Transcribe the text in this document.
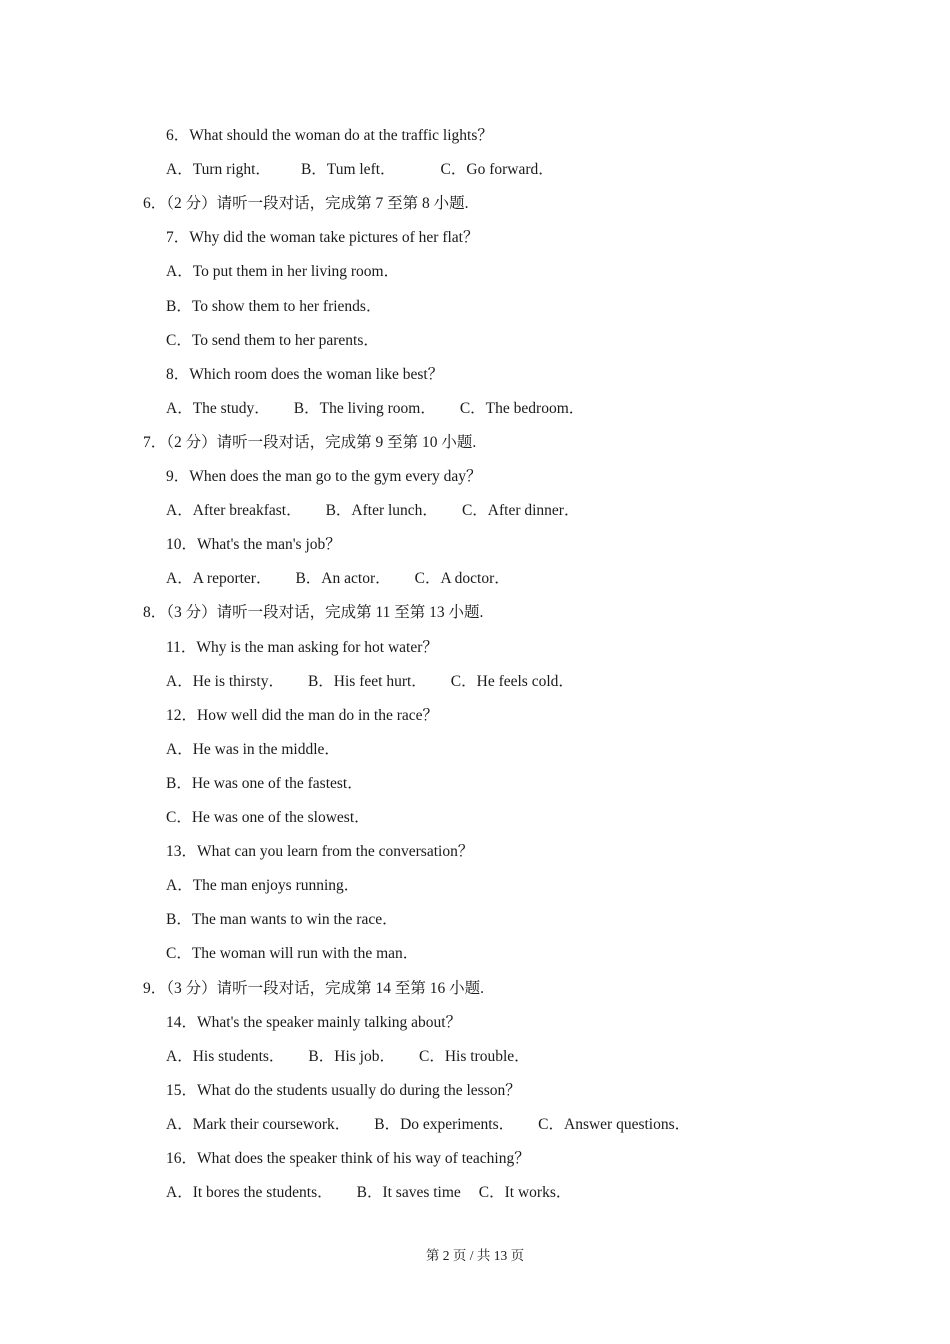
6．What should the woman do at the traffic lights？
A．Turn right． B．Tum left．	C．Go forward．
6．（2 分）请听一段对话，完成第 7 至第 8 小题.
7．Why did the woman take pictures of her flat？
A．To put them in her living room．
B．To show them to her friends．
C．To send them to her parents．
8．Which room does the woman like best？
A．The study． B．The living room． C．The bedroom．
7．（2 分）请听一段对话，完成第 9 至第 10 小题.
9．When does the man go to the gym every day？
A．After breakfast． B．After lunch． C．After dinner．
10．What's the man's job？
A．A reporter． B．An actor． C．A doctor．
8．（3 分）请听一段对话，完成第 11 至第 13 小题.
11．Why is the man asking for hot water？
A．He is thirsty． B．His feet hurt． C．He feels cold．
12．How well did the man do in the race？
A．He was in the middle．
B．He was one of the fastest．
C．He was one of the slowest．
13．What can you learn from the conversation？
A．The man enjoys running．
B．The man wants to win the race．
C．The woman will run with the man．
9．（3 分）请听一段对话，完成第 14 至第 16 小题.
14．What's the speaker mainly talking about？
A．His students． B．His job． C．His trouble．
15．What do the students usually do during the lesson？
A．Mark their coursework． B．Do experiments． C．Answer questions．
16．What does the speaker think of his way of teaching？
A．It bores the students． B．It saves time C．It works．
第 2 页 / 共 13 页
